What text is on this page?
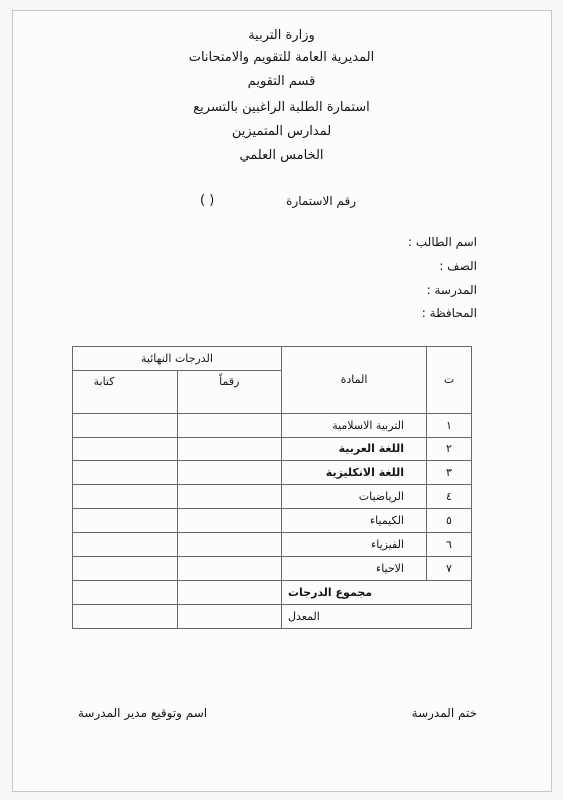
وزارة التربية
المديرية العامة للتقويم والامتحانات
قسم التقويم
استمارة الطلبة الراغبين بالتسريع
لمدارس المتميزين
الخامس العلمي
رقم الاستمارة
( )
اسم الطالب :
الصف :
المدرسة :
المحافظة :
ت	المادة	الدرجات النهائية	
		رقماً	كتابة
١	التربية الاسلامية		
٢	اللغة العربية		
٣	اللغة الانكليزية		
٤	الرياضيات		
٥	الكيمياء		
٦	الفيزياء		
٧	الاحياء		
مجموع الدرجات			
المعدل			
ختم المدرسة
اسم وتوقيع مدير المدرسة
